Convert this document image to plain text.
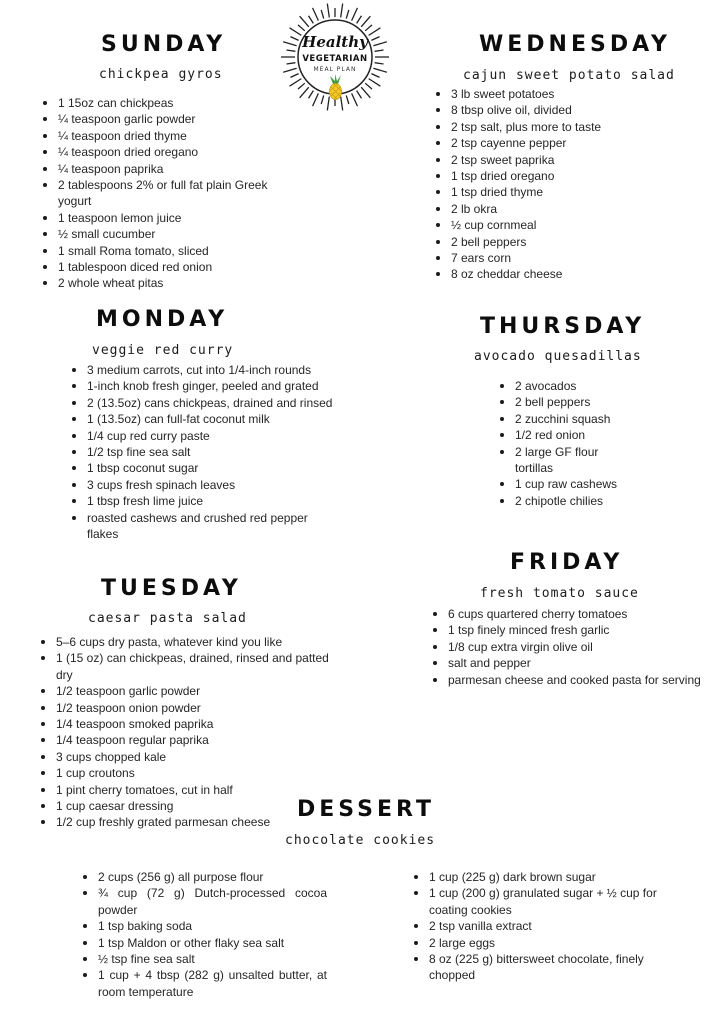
Healthy
VEGETARIAN
MEAL PLAN
SUNDAY
chickpea gyros
1 15oz can chickpeas
¼ teaspoon garlic powder
¼ teaspoon dried thyme
¼ teaspoon dried oregano
¼ teaspoon paprika
2 tablespoons 2% or full fat plain Greek yogurt
1 teaspoon lemon juice
½ small cucumber
1 small Roma tomato, sliced
1 tablespoon diced red onion
2 whole wheat pitas
WEDNESDAY
cajun sweet potato salad
3 lb sweet potatoes
8 tbsp olive oil, divided
2 tsp salt, plus more to taste
2 tsp cayenne pepper
2 tsp sweet paprika
1 tsp dried oregano
1 tsp dried thyme
2 lb okra
½ cup cornmeal
2 bell peppers
7 ears corn
8 oz cheddar cheese
MONDAY
veggie red curry
3 medium carrots, cut into 1/4-inch rounds
1-inch knob fresh ginger, peeled and grated
2 (13.5oz) cans chickpeas, drained and rinsed
1 (13.5oz) can full-fat coconut milk
1/4 cup red curry paste
1/2 tsp fine sea salt
1 tbsp coconut sugar
3 cups fresh spinach leaves
1 tbsp fresh lime juice
roasted cashews and crushed red pepper flakes
THURSDAY
avocado quesadillas
2 avocados
2 bell peppers
2 zucchini squash
1/2 red onion
2 large GF flour tortillas
1 cup raw cashews
2 chipotle chilies
FRIDAY
fresh tomato sauce
6 cups quartered cherry tomatoes
1 tsp finely minced fresh garlic
1/8 cup extra virgin olive oil
salt and pepper
parmesan cheese and cooked pasta for serving
TUESDAY
caesar pasta salad
5–6 cups dry pasta, whatever kind you like
1 (15 oz) can chickpeas, drained, rinsed and patted dry
1/2 teaspoon garlic powder
1/2 teaspoon onion powder
1/4 teaspoon smoked paprika
1/4 teaspoon regular paprika
3 cups chopped kale
1 cup croutons
1 pint cherry tomatoes, cut in half
1 cup caesar dressing
1/2 cup freshly grated parmesan cheese
DESSERT
chocolate cookies
2 cups (256 g) all purpose flour
¾ cup (72 g) Dutch-processed cocoa powder
1 tsp baking soda
1 tsp Maldon or other flaky sea salt
½ tsp fine sea salt
1 cup + 4 tbsp (282 g) unsalted butter, at room temperature
1 cup (225 g) dark brown sugar
1 cup (200 g) granulated sugar + ½ cup for coating cookies
2 tsp vanilla extract
2 large eggs
8 oz (225 g) bittersweet chocolate, finely chopped
